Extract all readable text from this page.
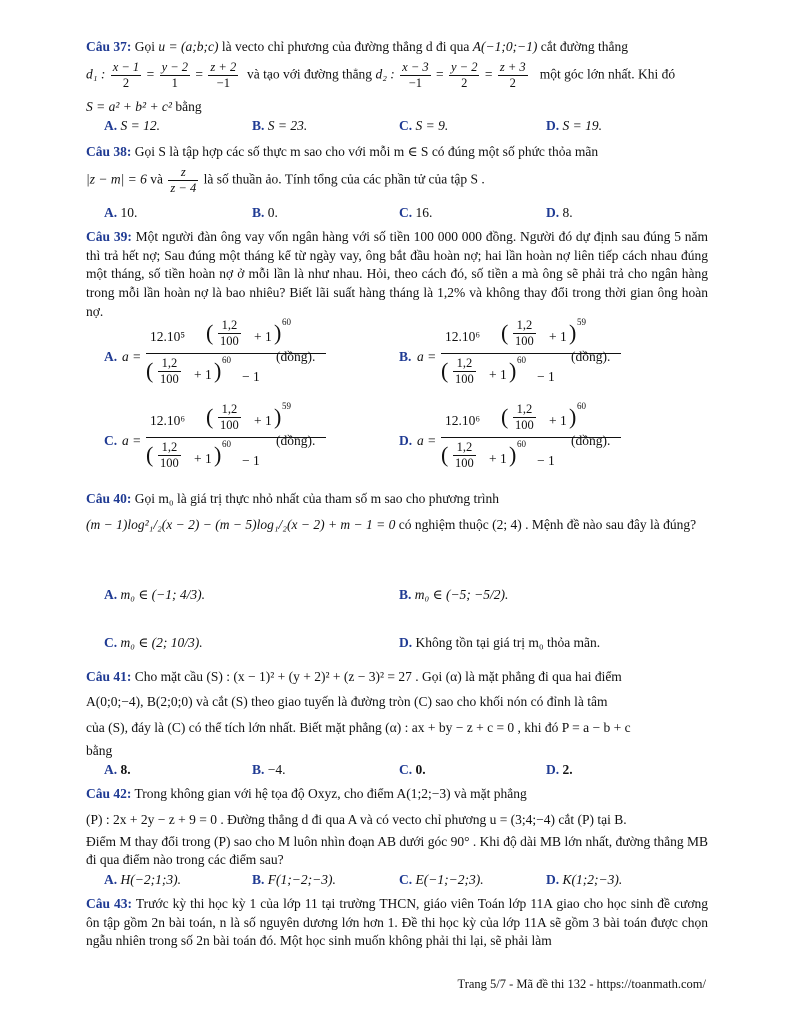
Câu 37: Gọi u = (a;b;c) là vecto chỉ phương của đường thẳng d đi qua A(−1;0;−1) cắt đường thẳng
d₁ : $\frac{x - 1}{2} = \frac{y - 2}{1} = \frac{z + 2}{-1}$ và tạo với đường thẳng d₂ : $\frac{x - 3}{-1} = \frac{y - 2}{2} = \frac{z + 3}{2}$ một góc lớn nhất. Khi đó
S = a² + b² + c² bằng
A. S = 12.	B. S = 23.	C. S = 9.	D. S = 19.
Câu 38: Gọi S là tập hợp các số thực m sao cho với mỗi m ∈ S có đúng một số phức thỏa mãn
|z − m| = 6 và $\frac{z}{z - 4}$ là số thuần ảo. Tính tổng của các phần tử của tập S .
A. 10.	B. 0.	C. 16.	D. 8.
Câu 39: Một người đàn ông vay vốn ngân hàng với số tiền 100 000 000 đồng. Người đó dự định sau đúng 5 năm thì trả hết nợ; Sau đúng một tháng kể từ ngày vay, ông bắt đầu hoàn nợ; hai lần hoàn nợ liên tiếp cách nhau đúng một tháng, số tiền hoàn nợ ở mỗi lần là như nhau. Hỏi, theo cách đó, số tiền a mà ông sẽ phải trả cho ngân hàng trong mỗi lần hoàn nợ là bao nhiêu? Biết lãi suất hàng tháng là 1,2% và không thay đổi trong thời gian ông hoàn nợ.
A. a =
12.10⁵ ( $\frac{1,2}{100} + 1$ ) 60
( $\frac{1,2}{100} + 1$ ) 60
− 1
(đồng).	B. a =
12.10⁶ ( $\frac{1,2}{100} + 1$ ) 59
( $\frac{1,2}{100} + 1$ ) 60
− 1
(đồng).
C. a =
12.10⁶ ( $\frac{1,2}{100} + 1$ ) 59
( $\frac{1,2}{100} + 1$ ) 60
− 1
(đồng).	D. a =
12.10⁶ ( $\frac{1,2}{100} + 1$ ) 60
( $\frac{1,2}{100} + 1$ ) 60
− 1
(đồng).
Câu 40: Gọi m₀ là giá trị thực nhỏ nhất của tham số m sao cho phương trình
(m − 1)log²₁/₂(x − 2) − (m − 5)log₁/₂(x − 2) + m − 1 = 0 có nghiệm thuộc (2; 4) . Mệnh đề nào sau đây là đúng?
A. m₀ ∈ (−1; 4/3).	B. m₀ ∈ (−5; −5/2).
C. m₀ ∈ (2; 10/3).	D. Không tồn tại giá trị m₀ thỏa mãn.
Câu 41: Cho mặt cầu (S) : (x − 1)² + (y + 2)² + (z − 3)² = 27 . Gọi (α) là mặt phẳng đi qua hai điểm
A(0;0;−4), B(2;0;0) và cắt (S) theo giao tuyến là đường tròn (C) sao cho khối nón có đỉnh là tâm
của (S), đáy là (C) có thể tích lớn nhất. Biết mặt phẳng (α) : ax + by − z + c = 0 , khi đó P = a − b + c
bằng
A. 8.	B. −4.	C. 0.	D. 2.
Câu 42: Trong không gian với hệ tọa độ Oxyz, cho điểm A(1;2;−3) và mặt phẳng
(P) : 2x + 2y − z + 9 = 0 . Đường thẳng d đi qua A và có vecto chỉ phương u = (3;4;−4) cắt (P) tại B.
Điểm M thay đổi trong (P) sao cho M luôn nhìn đoạn AB dưới góc 90° . Khi độ dài MB lớn nhất, đường thẳng MB đi qua điểm nào trong các điểm sau?
A. H(−2;1;3).	B. F(1;−2;−3).	C. E(−1;−2;3).	D. K(1;2;−3).
Câu 43: Trước kỳ thi học kỳ 1 của lớp 11 tại trường THCN, giáo viên Toán lớp 11A giao cho học sinh đề cương ôn tập gồm 2n bài toán, n là số nguyên dương lớn hơn 1. Đề thi học kỳ của lớp 11A sẽ gồm 3 bài toán được chọn ngẫu nhiên trong số 2n bài toán đó. Một học sinh muốn không phải thi lại, sẽ phải làm
Trang 5/7 - Mã đề thi 132 - https://toanmath.com/
